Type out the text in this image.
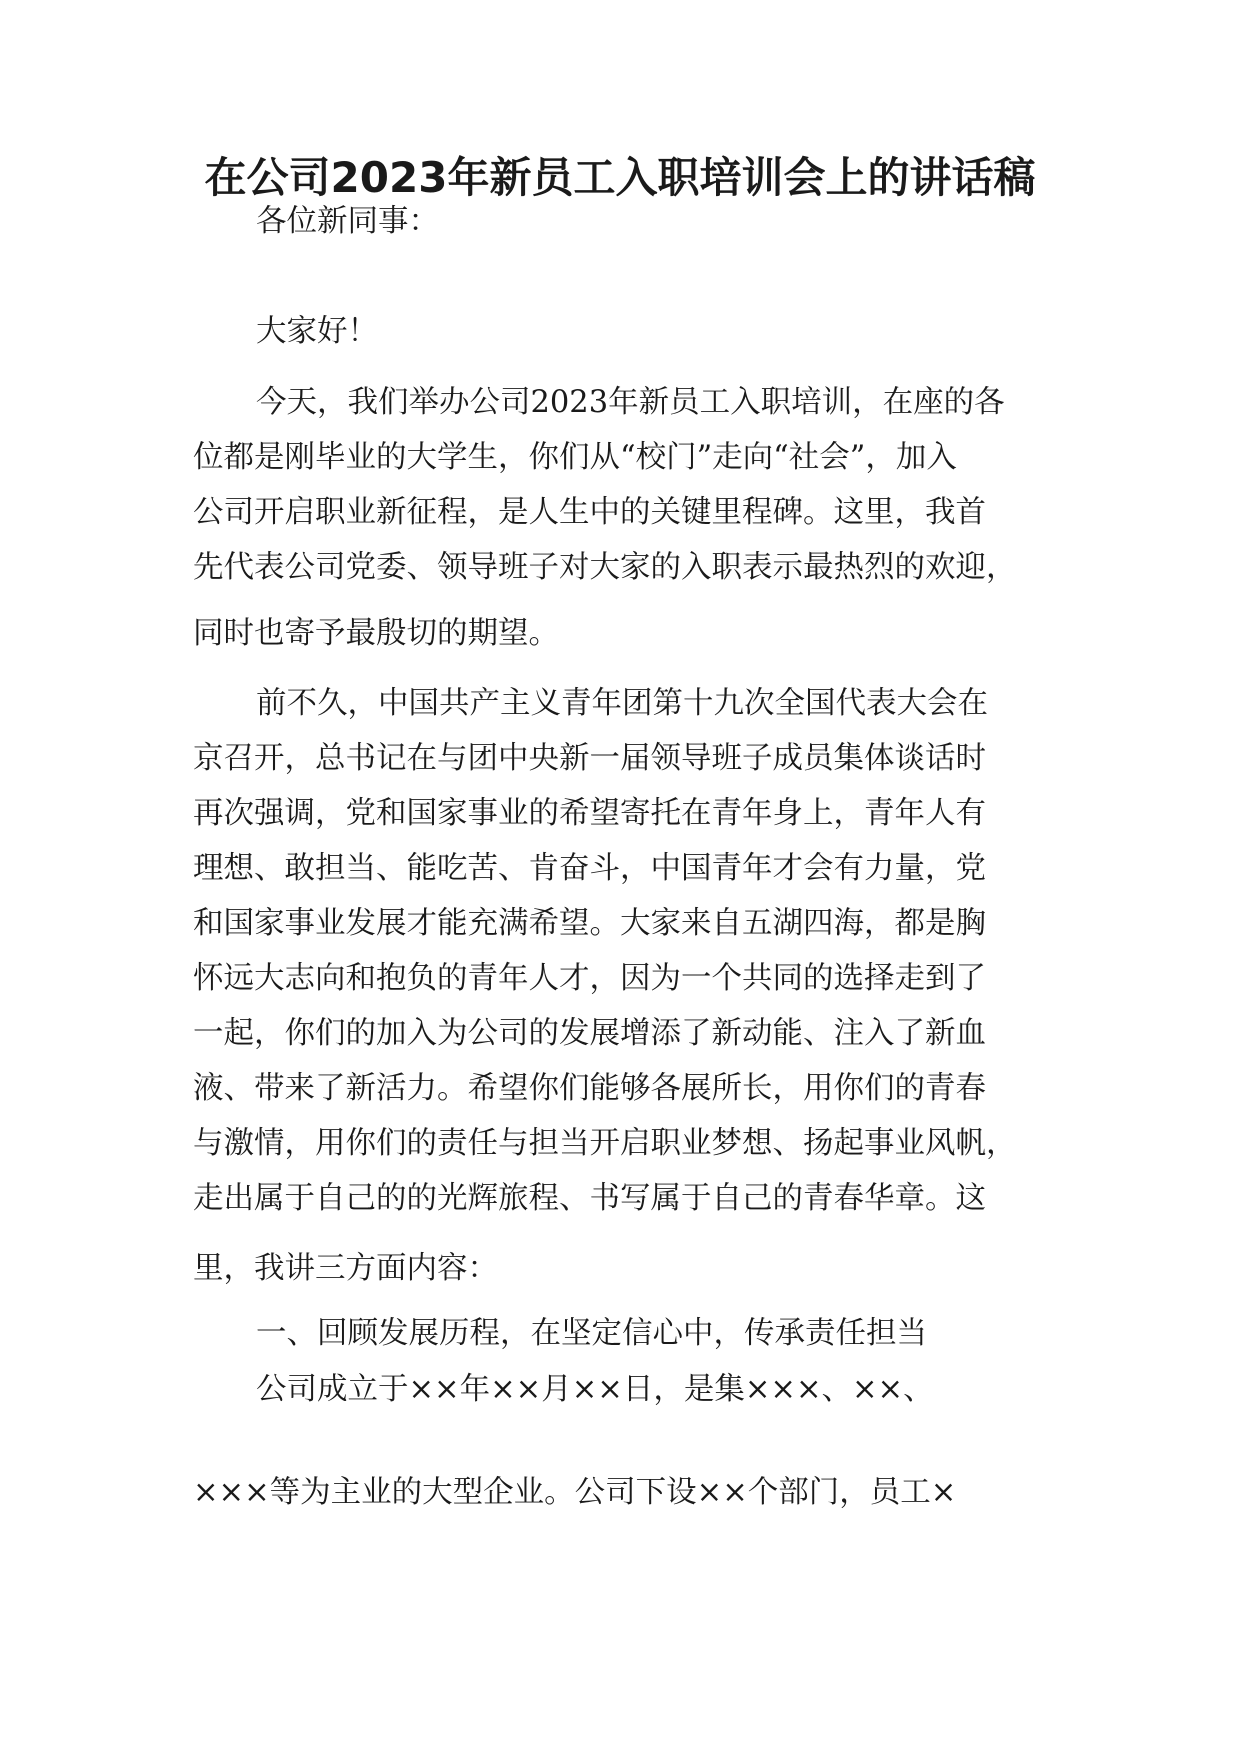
在公司2023年新员工入职培训会上的讲话稿

各位新同事：

大家好！

今天，我们举办公司2023年新员工入职培训，在座的各

位都是刚毕业的大学生，你们从“校门”走向“社会”，加入

公司开启职业新征程，是人生中的关键里程碑。这里，我首

先代表公司党委、领导班子对大家的入职表示最热烈的欢迎，

同时也寄予最殷切的期望。

前不久，中国共产主义青年团第十九次全国代表大会在

京召开，总书记在与团中央新一届领导班子成员集体谈话时

再次强调，党和国家事业的希望寄托在青年身上，青年人有

理想、敢担当、能吃苦、肯奋斗，中国青年才会有力量，党

和国家事业发展才能充满希望。大家来自五湖四海，都是胸

怀远大志向和抱负的青年人才，因为一个共同的选择走到了

一起，你们的加入为公司的发展增添了新动能、注入了新血

液、带来了新活力。希望你们能够各展所长，用你们的青春

与激情，用你们的责任与担当开启职业梦想、扬起事业风帆，

走出属于自己的的光辉旅程、书写属于自己的青春华章。这

里，我讲三方面内容：

一、回顾发展历程，在坚定信心中，传承责任担当

公司成立于××年××月××日，是集×××、××、

×××等为主业的大型企业。公司下设××个部门，员工×
